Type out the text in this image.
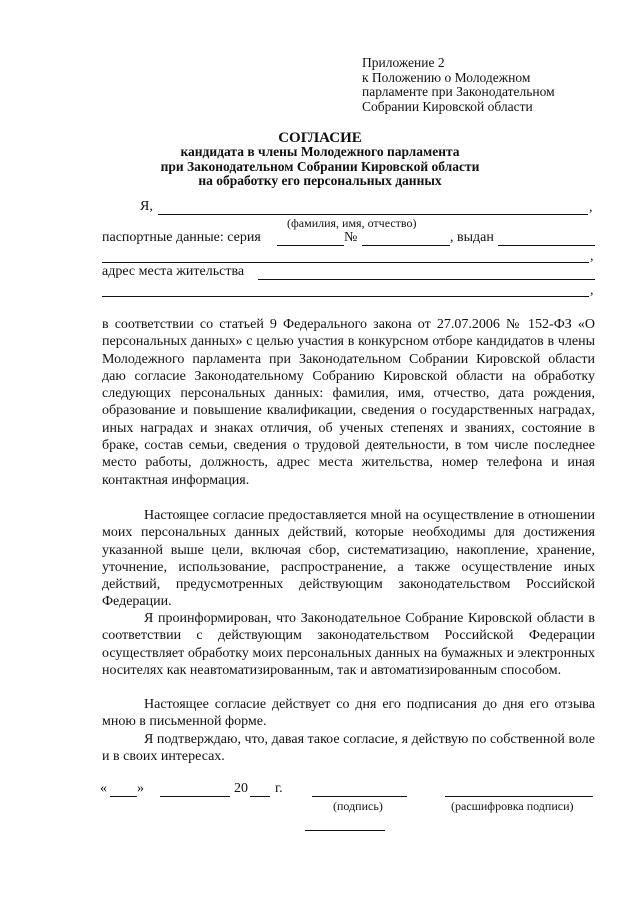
Приложение 2
к Положению о Молодежном
парламенте при Законодательном
Собрании Кировской области
СОГЛАСИЕ
кандидата в члены Молодежного парламента
при Законодательном Собрании Кировской области
на обработку его персональных данных
Я,	,
(фамилия, имя, отчество)
паспортные данные: серия	№	, выдан
,
адрес места жительства
,
в соответствии со статьей 9 Федерального закона от 27.07.2006 № 152-ФЗ «О персональных данных» с целью участия в конкурсном отборе кандидатов в члены Молодежного парламента при Законодательном Собрании Кировской области даю согласие Законодательному Собранию Кировской области на обработку следующих персональных данных: фамилия, имя, отчество, дата рождения, образование и повышение квалификации, сведения о государственных наградах, иных наградах и знаках отличия, об ученых степенях и званиях, состояние в браке, состав семьи, сведения о трудовой деятельности, в том числе последнее место работы, должность, адрес места жительства, номер телефона и иная контактная информация.
Настоящее согласие предоставляется мной на осуществление в отношении моих персональных данных действий, которые необходимы для достижения указанной выше цели, включая сбор, систематизацию, накопление, хранение, уточнение, использование, распространение, а также осуществление иных действий, предусмотренных действующим законодательством Российской Федерации.
Я проинформирован, что Законодательное Собрание Кировской области в соответствии с действующим законодательством Российской Федерации осуществляет обработку моих персональных данных на бумажных и электронных носителях как неавтоматизированным, так и автоматизированным способом.
Настоящее согласие действует со дня его подписания до дня его отзыва мною в письменной форме.
Я подтверждаю, что, давая такое согласие, я действую по собственной воле и в своих интересах.
« »	20 г.
(подпись)	(расшифровка подписи)
